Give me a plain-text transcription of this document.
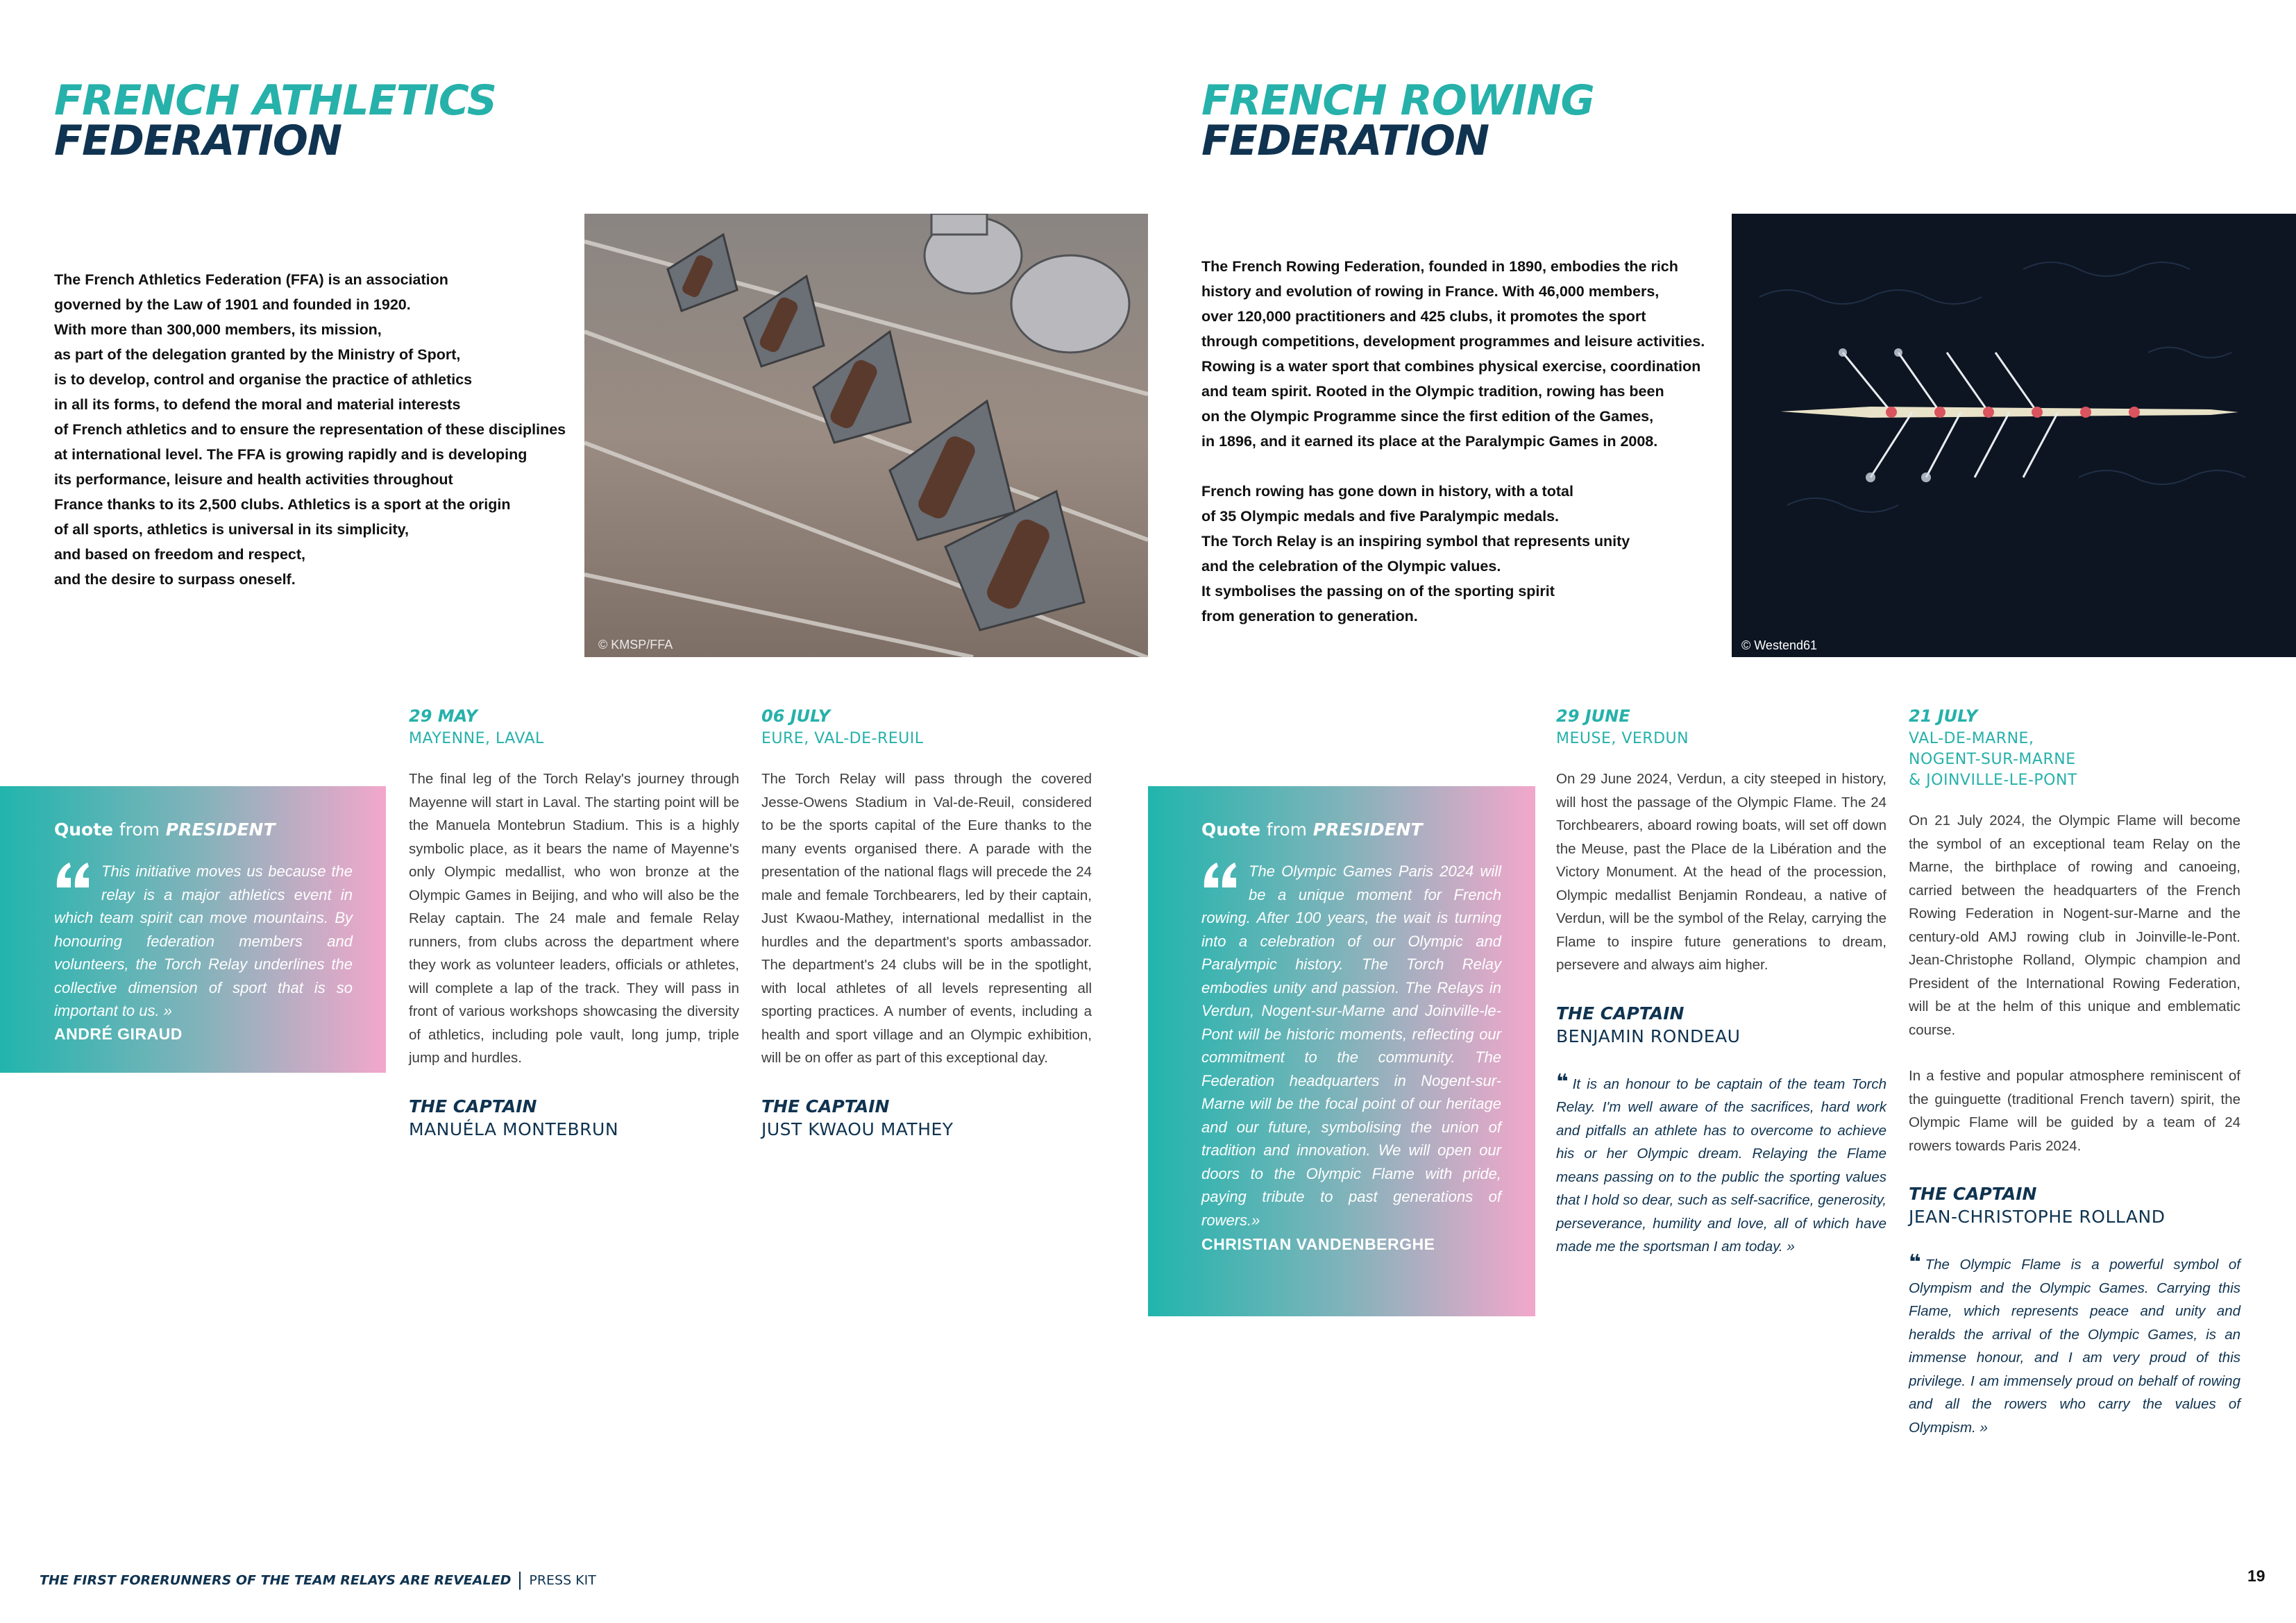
FRENCH ATHLETICS
FEDERATION

The French Athletics Federation (FFA) is an association
governed by the Law of 1901 and founded in 1920.
With more than 300,000 members, its mission,
as part of the delegation granted by the Ministry of Sport,
is to develop, control and organise the practice of athletics
in all its forms, to defend the moral and material interests
of French athletics and to ensure the representation of these disciplines
at international level. The FFA is growing rapidly and is developing
its performance, leisure and health activities throughout
France thanks to its 2,500 clubs. Athletics is a sport at the origin
of all sports, athletics is universal in its simplicity,
and based on freedom and respect,
and the desire to surpass oneself.

© KMSP/FFA
Quote from PRESIDENT
This initiative moves us because the relay is a major athletics event in which team spirit can move mountains. By honouring federation members and volunteers, the Torch Relay underlines the collective dimension of sport that is so important to us. »
ANDRÉ GIRAUD
29 MAY
MAYENNE, LAVAL

The final leg of the Torch Relay's journey through Mayenne will start in Laval. The starting point will be the Manuela Montebrun Stadium. This is a highly symbolic place, as it bears the name of Mayenne's only Olympic medallist, who won bronze at the Olympic Games in Beijing, and who will also be the Relay captain. The 24 male and female Relay runners, from clubs across the department where they work as volunteer leaders, officials or athletes, will complete a lap of the track. They will pass in front of various workshops showcasing the diversity of athletics, including pole vault, long jump, triple jump and hurdles.

THE CAPTAIN
MANUÉLA MONTEBRUN
06 JULY
EURE, VAL-DE-REUIL

The Torch Relay will pass through the covered Jesse-Owens Stadium in Val-de-Reuil, considered to be the sports capital of the Eure thanks to the many events organised there. A parade with the presentation of the national flags will precede the 24 male and female Torchbearers, led by their captain, Just Kwaou-Mathey, international medallist in the hurdles and the department's sports ambassador. The department's 24 clubs will be in the spotlight, with local athletes of all levels representing all sporting practices. A number of events, including a health and sport village and an Olympic exhibition, will be on offer as part of this exceptional day.

THE CAPTAIN
JUST KWAOU MATHEY
FRENCH ROWING
FEDERATION

The French Rowing Federation, founded in 1890, embodies the rich
history and evolution of rowing in France. With 46,000 members,
over 120,000 practitioners and 425 clubs, it promotes the sport
through competitions, development programmes and leisure activities.
Rowing is a water sport that combines physical exercise, coordination
and team spirit. Rooted in the Olympic tradition, rowing has been
on the Olympic Programme since the first edition of the Games,
in 1896, and it earned its place at the Paralympic Games in 2008.

French rowing has gone down in history, with a total
of 35 Olympic medals and five Paralympic medals.
The Torch Relay is an inspiring symbol that represents unity
and the celebration of the Olympic values.
It symbolises the passing on of the sporting spirit
from generation to generation.

© Westend61
Quote from PRESIDENT
The Olympic Games Paris 2024 will be a unique moment for French rowing. After 100 years, the wait is turning into a celebration of our Olympic and Paralympic history. The Torch Relay embodies unity and passion. The Relays in Verdun, Nogent-sur-Marne and Joinville-le-Pont will be historic moments, reflecting our commitment to the community. The Federation headquarters in Nogent-sur-Marne will be the focal point of our heritage and our future, symbolising the union of tradition and innovation. We will open our doors to the Olympic Flame with pride, paying tribute to past generations of rowers.»
CHRISTIAN VANDENBERGHE
29 JUNE
MEUSE, VERDUN

On 29 June 2024, Verdun, a city steeped in history, will host the passage of the Olympic Flame. The 24 Torchbearers, aboard rowing boats, will set off down the Meuse, past the Place de la Libération and the Victory Monument. At the head of the procession, Olympic medallist Benjamin Rondeau, a native of Verdun, will be the symbol of the Relay, carrying the Flame to inspire future generations to dream, persevere and always aim higher.

THE CAPTAIN
BENJAMIN RONDEAU
❝ It is an honour to be captain of the team Torch Relay. I'm well aware of the sacrifices, hard work and pitfalls an athlete has to overcome to achieve his or her Olympic dream. Relaying the Flame means passing on to the public the sporting values that I hold so dear, such as self-sacrifice, generosity, perseverance, humility and love, all of which have made me the sportsman I am today. »
21 JULY
VAL-DE-MARNE,
NOGENT-SUR-MARNE
& JOINVILLE-LE-PONT

On 21 July 2024, the Olympic Flame will become the symbol of an exceptional team Relay on the Marne, the birthplace of rowing and canoeing, carried between the headquarters of the French Rowing Federation in Nogent-sur-Marne and the century-old AMJ rowing club in Joinville-le-Pont. Jean-Christophe Rolland, Olympic champion and President of the International Rowing Federation, will be at the helm of this unique and emblematic course.

In a festive and popular atmosphere reminiscent of the guinguette (traditional French tavern) spirit, the Olympic Flame will be guided by a team of 24 rowers towards Paris 2024.

THE CAPTAIN
JEAN-CHRISTOPHE ROLLAND
❝ The Olympic Flame is a powerful symbol of Olympism and the Olympic Games. Carrying this Flame, which represents peace and unity and heralds the arrival of the Olympic Games, is an immense honour, and I am very proud of this privilege. I am immensely proud on behalf of rowing and all the rowers who carry the values of Olympism. »
THE FIRST FORERUNNERS OF THE TEAM RELAYS ARE REVEALED PRESS KIT	19
